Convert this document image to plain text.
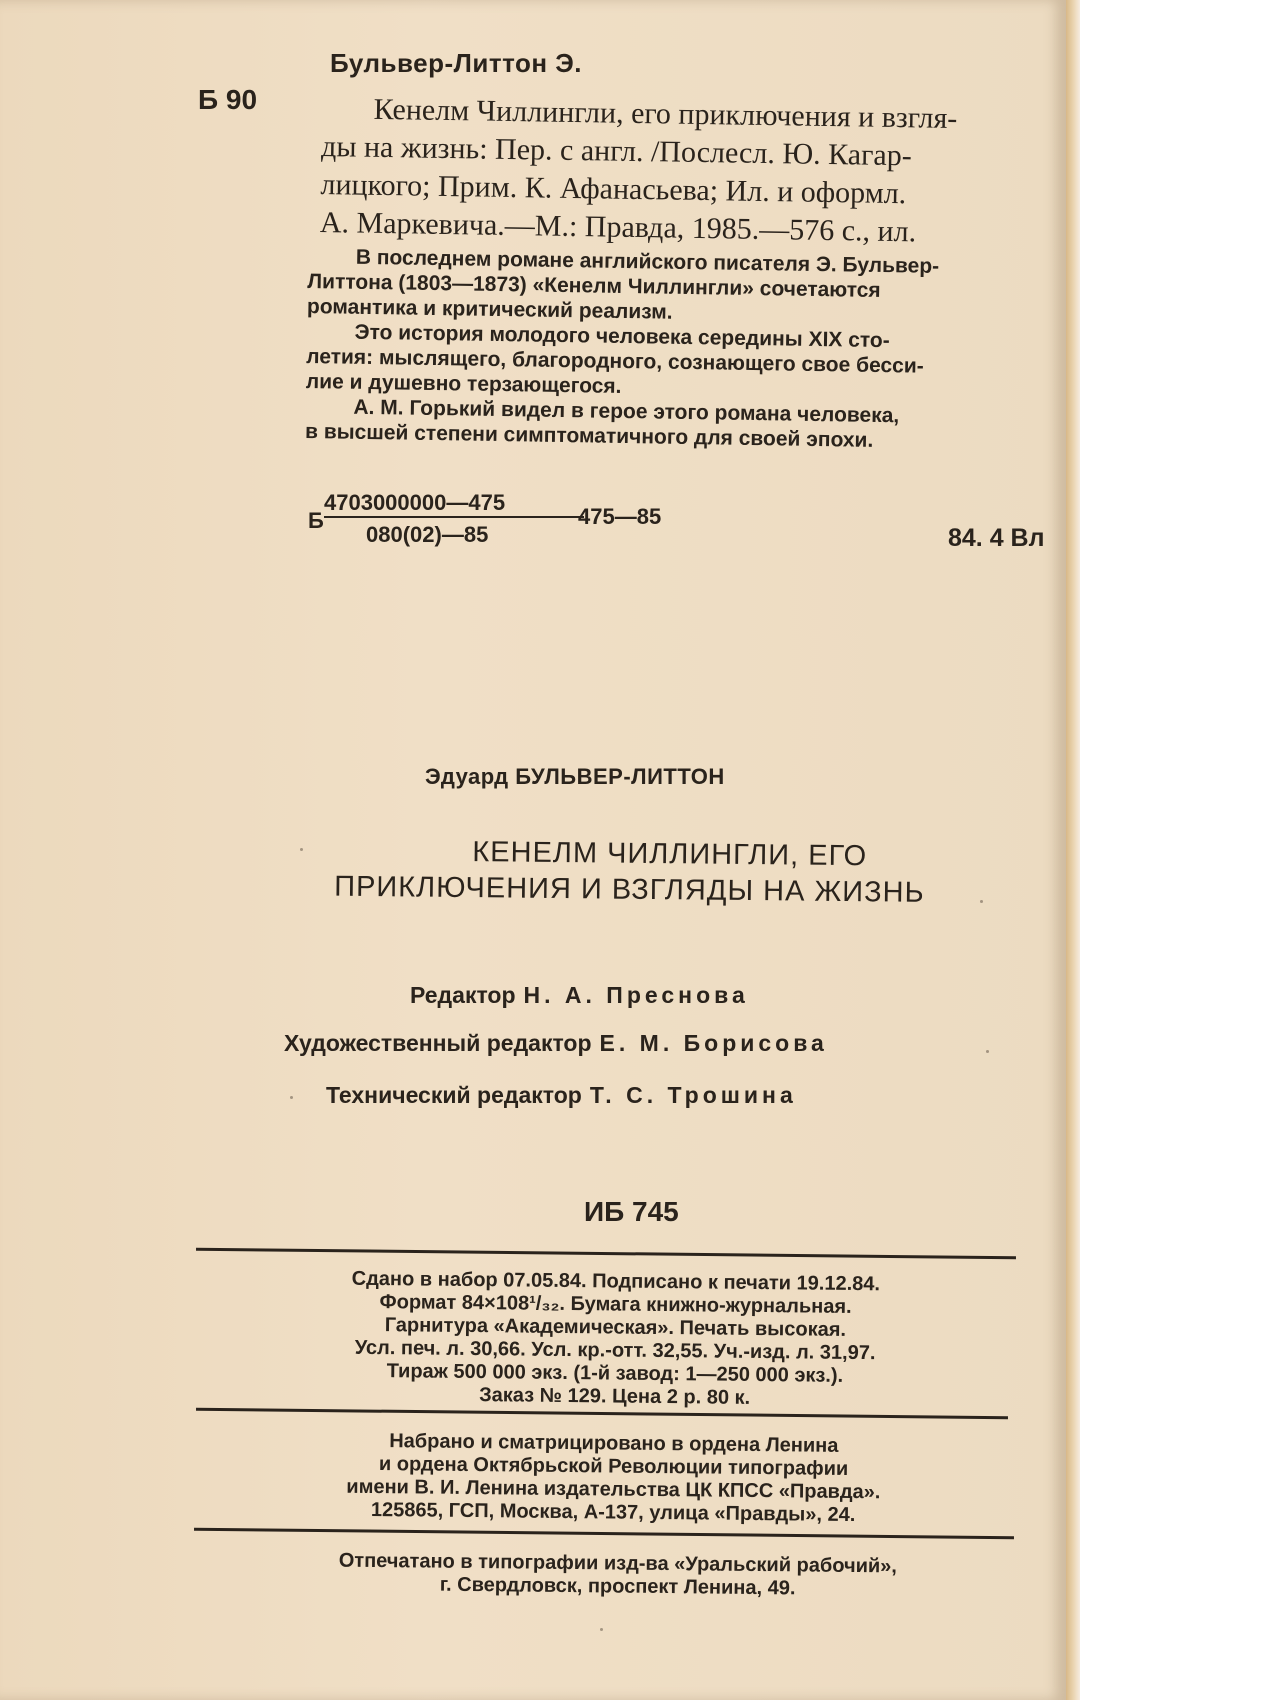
Бульвер-Литтон Э.
Б 90	Кенелм Чиллингли, его приключения и взгля-
ды на жизнь: Пер. с англ. /Послесл. Ю. Кагар-
лицкого; Прим. К. Афанасьева; Ил. и оформл.
А. Маркевича.—М.: Правда, 1985.—576 с., ил.
В последнем романе английского писателя Э. Бульвер-
Литтона (1803—1873) «Кенелм Чиллингли» сочетаются
романтика и критический реализм.
Это история молодого человека середины XIX сто-
летия: мыслящего, благородного, сознающего свое бесси-
лие и душевно терзающегося.
А. М. Горький видел в герое этого романа человека,
в высшей степени симптоматичного для своей эпохи.
Б
4703000000—475
080(02)—85
475—85
84. 4 Вл
Эдуард БУЛЬВЕР-ЛИТТОН
КЕНЕЛМ ЧИЛЛИНГЛИ, ЕГО
ПРИКЛЮЧЕНИЯ И ВЗГЛЯДЫ НА ЖИЗНЬ
Редактор Н. А. Преснова
Художественный редактор Е. М. Борисова
Технический редактор Т. С. Трошина
ИБ 745
Сдано в набор 07.05.84. Подписано к печати 19.12.84.
Формат 84×108¹/₃₂. Бумага книжно-журнальная.
Гарнитура «Академическая». Печать высокая.
Усл. печ. л. 30,66. Усл. кр.-отт. 32,55. Уч.-изд. л. 31,97.
Тираж 500 000 экз. (1-й завод: 1—250 000 экз.).
Заказ № 129. Цена 2 р. 80 к.
Набрано и сматрицировано в ордена Ленина
и ордена Октябрьской Революции типографии
имени В. И. Ленина издательства ЦК КПСС «Правда».
125865, ГСП, Москва, А-137, улица «Правды», 24.
Отпечатано в типографии изд-ва «Уральский рабочий»,
г. Свердловск, проспект Ленина, 49.
